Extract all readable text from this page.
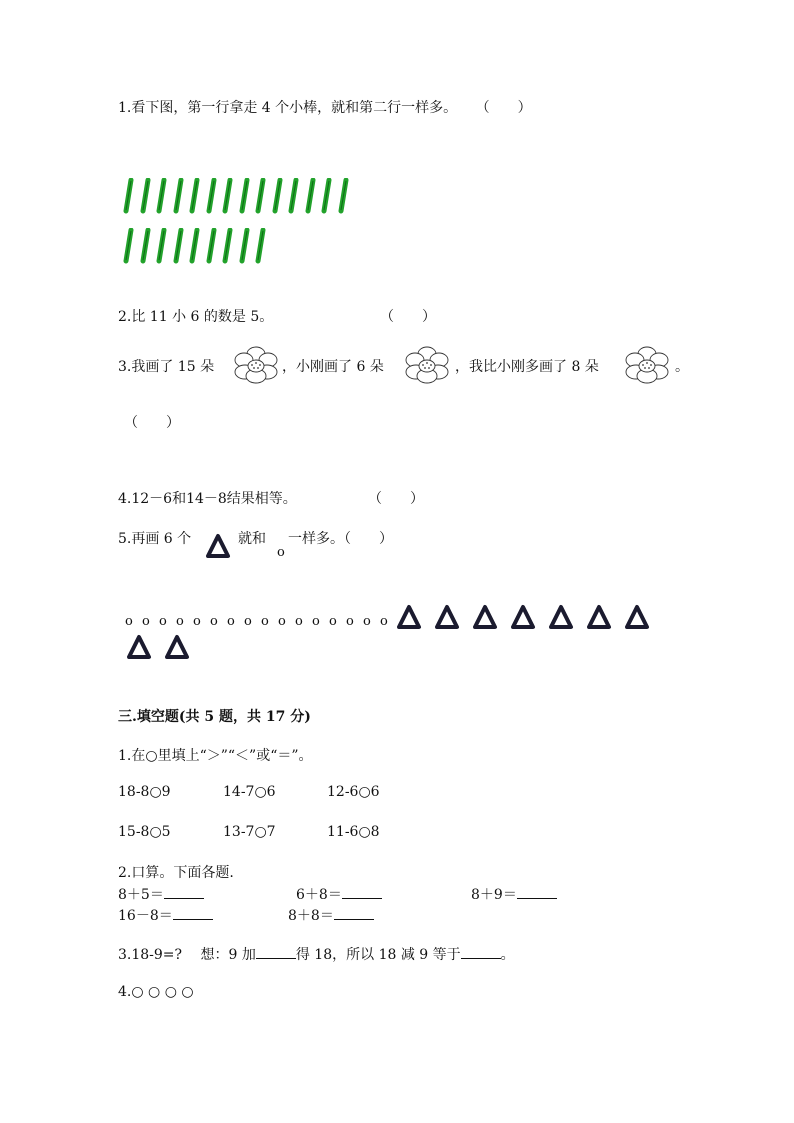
1.看下图，第一行拿走 4 个小棒，就和第二行一样多。 （　　）
2.比 11 小 6 的数是 5。	（　　）
3.我画了 15 朵	，小刚画了 6 朵	，我比小刚多画了 8 朵	。
（　　）
4.12－6和14－8结果相等。	（　　）
5.再画 6 个	就和
o
一样多。（　　）
o o o o o o o o o o o o o o o o
三.填空题(共 5 题，共 17 分)
1.在○里填上“＞”“＜”或“＝”。
18-8○9	14-7○6	12-6○6
15-8○5	13-7○7	11-6○8
2.口算。下面各题.
8＋5＝	6＋8＝	8＋9＝
16－8＝	8＋8＝
3.18-9=?　 想：9 加	得 18，所以 18 减 9 等于	。
4.○ ○ ○ ○
